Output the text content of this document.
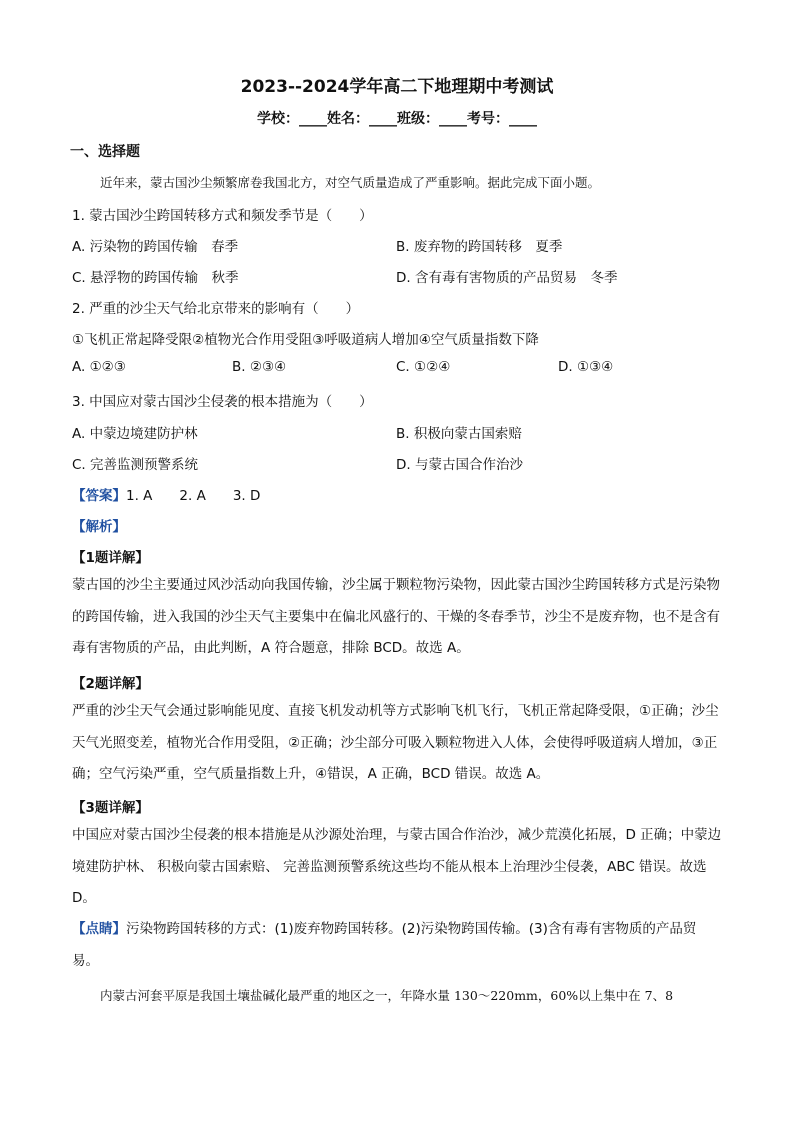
2023--2024学年高二下地理期中考测试
学校：____姓名：____班级：____考号：____
一、选择题
近年来，蒙古国沙尘频繁席卷我国北方，对空气质量造成了严重影响。据此完成下面小题。
1. 蒙古国沙尘跨国转移方式和频发季节是（　　）
A. 污染物的跨国传输　春季	B. 废弃物的跨国转移　夏季
C. 悬浮物的跨国传输　秋季	D. 含有毒有害物质的产品贸易　冬季
2. 严重的沙尘天气给北京带来的影响有（　　）
①飞机正常起降受限②植物光合作用受阻③呼吸道病人增加④空气质量指数下降
A. ①②③	B. ②③④	C. ①②④	D. ①③④
3. 中国应对蒙古国沙尘侵袭的根本措施为（　　）
A. 中蒙边境建防护林	B. 积极向蒙古国索赔
C. 完善监测预警系统	D. 与蒙古国合作治沙
【答案】1. A　　2. A　　3. D
【解析】
【1题详解】
蒙古国的沙尘主要通过风沙活动向我国传输，沙尘属于颗粒物污染物，因此蒙古国沙尘跨国转移方式是污染物的跨国传输，进入我国的沙尘天气主要集中在偏北风盛行的、干燥的冬春季节，沙尘不是废弃物，也不是含有毒有害物质的产品，由此判断，A 符合题意，排除 BCD。故选 A。
【2题详解】
严重的沙尘天气会通过影响能见度、直接飞机发动机等方式影响飞机飞行，飞机正常起降受限，①正确；沙尘天气光照变差，植物光合作用受阻，②正确；沙尘部分可吸入颗粒物进入人体，会使得呼吸道病人增加，③正确；空气污染严重，空气质量指数上升，④错误，A 正确，BCD 错误。故选 A。
【3题详解】
中国应对蒙古国沙尘侵袭的根本措施是从沙源处治理，与蒙古国合作治沙，减少荒漠化拓展，D 正确；中蒙边境建防护林、 积极向蒙古国索赔、 完善监测预警系统这些均不能从根本上治理沙尘侵袭，ABC 错误。故选 D。
【点睛】污染物跨国转移的方式：(1)废弃物跨国转移。(2)污染物跨国传输。(3)含有毒有害物质的产品贸易。
内蒙古河套平原是我国土壤盐碱化最严重的地区之一，年降水量 130～220mm，60%以上集中在 7、8
